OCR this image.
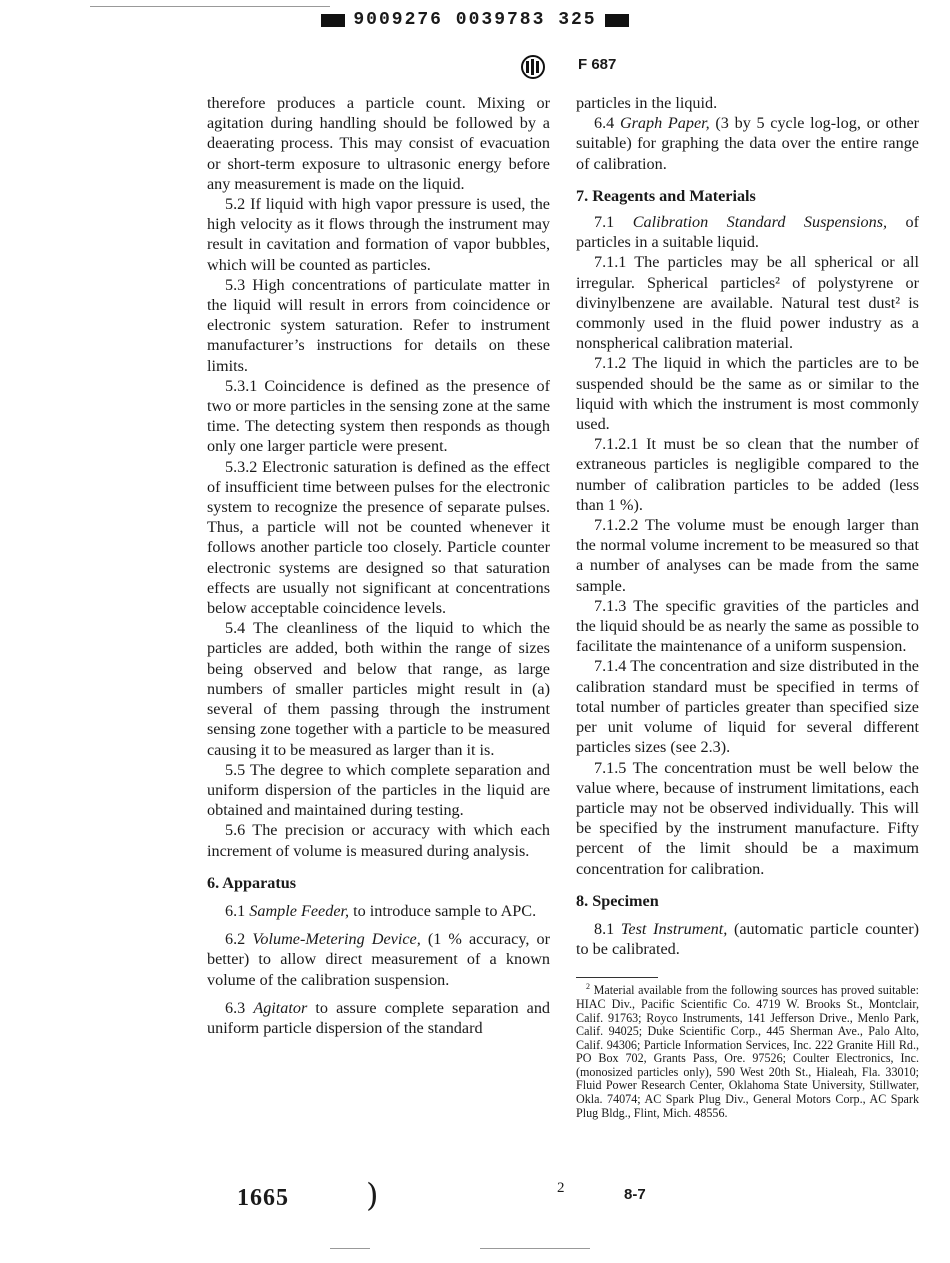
9009276 0039783 325
F 687

therefore produces a particle count. Mixing or agitation during handling should be followed by a deaerating process. This may consist of evacuation or short-term exposure to ultrasonic energy before any measurement is made on the liquid.

5.2 If liquid with high vapor pressure is used, the high velocity as it flows through the instrument may result in cavitation and formation of vapor bubbles, which will be counted as particles.

5.3 High concentrations of particulate matter in the liquid will result in errors from coincidence or electronic system saturation. Refer to instrument manufacturer’s instructions for details on these limits.

5.3.1 Coincidence is defined as the presence of two or more particles in the sensing zone at the same time. The detecting system then responds as though only one larger particle were present.

5.3.2 Electronic saturation is defined as the effect of insufficient time between pulses for the electronic system to recognize the presence of separate pulses. Thus, a particle will not be counted whenever it follows another particle too closely. Particle counter electronic systems are designed so that saturation effects are usually not significant at concentrations below acceptable coincidence levels.

5.4 The cleanliness of the liquid to which the particles are added, both within the range of sizes being observed and below that range, as large numbers of smaller particles might result in (a) several of them passing through the instrument sensing zone together with a particle to be measured causing it to be measured as larger than it is.

5.5 The degree to which complete separation and uniform dispersion of the particles in the liquid are obtained and maintained during testing.

5.6 The precision or accuracy with which each increment of volume is measured during analysis.

6. Apparatus

6.1 Sample Feeder, to introduce sample to APC.

6.2 Volume-Metering Device, (1 % accuracy, or better) to allow direct measurement of a known volume of the calibration suspension.

6.3 Agitator to assure complete separation and uniform particle dispersion of the standard

particles in the liquid.

6.4 Graph Paper, (3 by 5 cycle log-log, or other suitable) for graphing the data over the entire range of calibration.

7. Reagents and Materials

7.1 Calibration Standard Suspensions, of particles in a suitable liquid.

7.1.1 The particles may be all spherical or all irregular. Spherical particles² of polystyrene or divinylbenzene are available. Natural test dust² is commonly used in the fluid power industry as a nonspherical calibration material.

7.1.2 The liquid in which the particles are to be suspended should be the same as or similar to the liquid with which the instrument is most commonly used.

7.1.2.1 It must be so clean that the number of extraneous particles is negligible compared to the number of calibration particles to be added (less than 1 %).

7.1.2.2 The volume must be enough larger than the normal volume increment to be measured so that a number of analyses can be made from the same sample.

7.1.3 The specific gravities of the particles and the liquid should be as nearly the same as possible to facilitate the maintenance of a uniform suspension.

7.1.4 The concentration and size distributed in the calibration standard must be specified in terms of total number of particles greater than specified size per unit volume of liquid for several different particles sizes (see 2.3).

7.1.5 The concentration must be well below the value where, because of instrument limitations, each particle may not be observed individually. This will be specified by the instrument manufacture. Fifty percent of the limit should be a maximum concentration for calibration.

8. Specimen

8.1 Test Instrument, (automatic particle counter) to be calibrated.

$^2$ Material available from the following sources has proved suitable: HIAC Div., Pacific Scientific Co. 4719 W. Brooks St., Montclair, Calif. 91763; Royco Instruments, 141 Jefferson Drive., Menlo Park, Calif. 94025; Duke Scientific Corp., 445 Sherman Ave., Palo Alto, Calif. 94306; Particle Information Services, Inc. 222 Granite Hill Rd., PO Box 702, Grants Pass, Ore. 97526; Coulter Electronics, Inc. (monosized particles only), 590 West 20th St., Hialeah, Fla. 33010; Fluid Power Research Center, Oklahoma State University, Stillwater, Okla. 74074; AC Spark Plug Div., General Motors Corp., AC Spark Plug Bldg., Flint, Mich. 48556.
1665 )	2	8-7
